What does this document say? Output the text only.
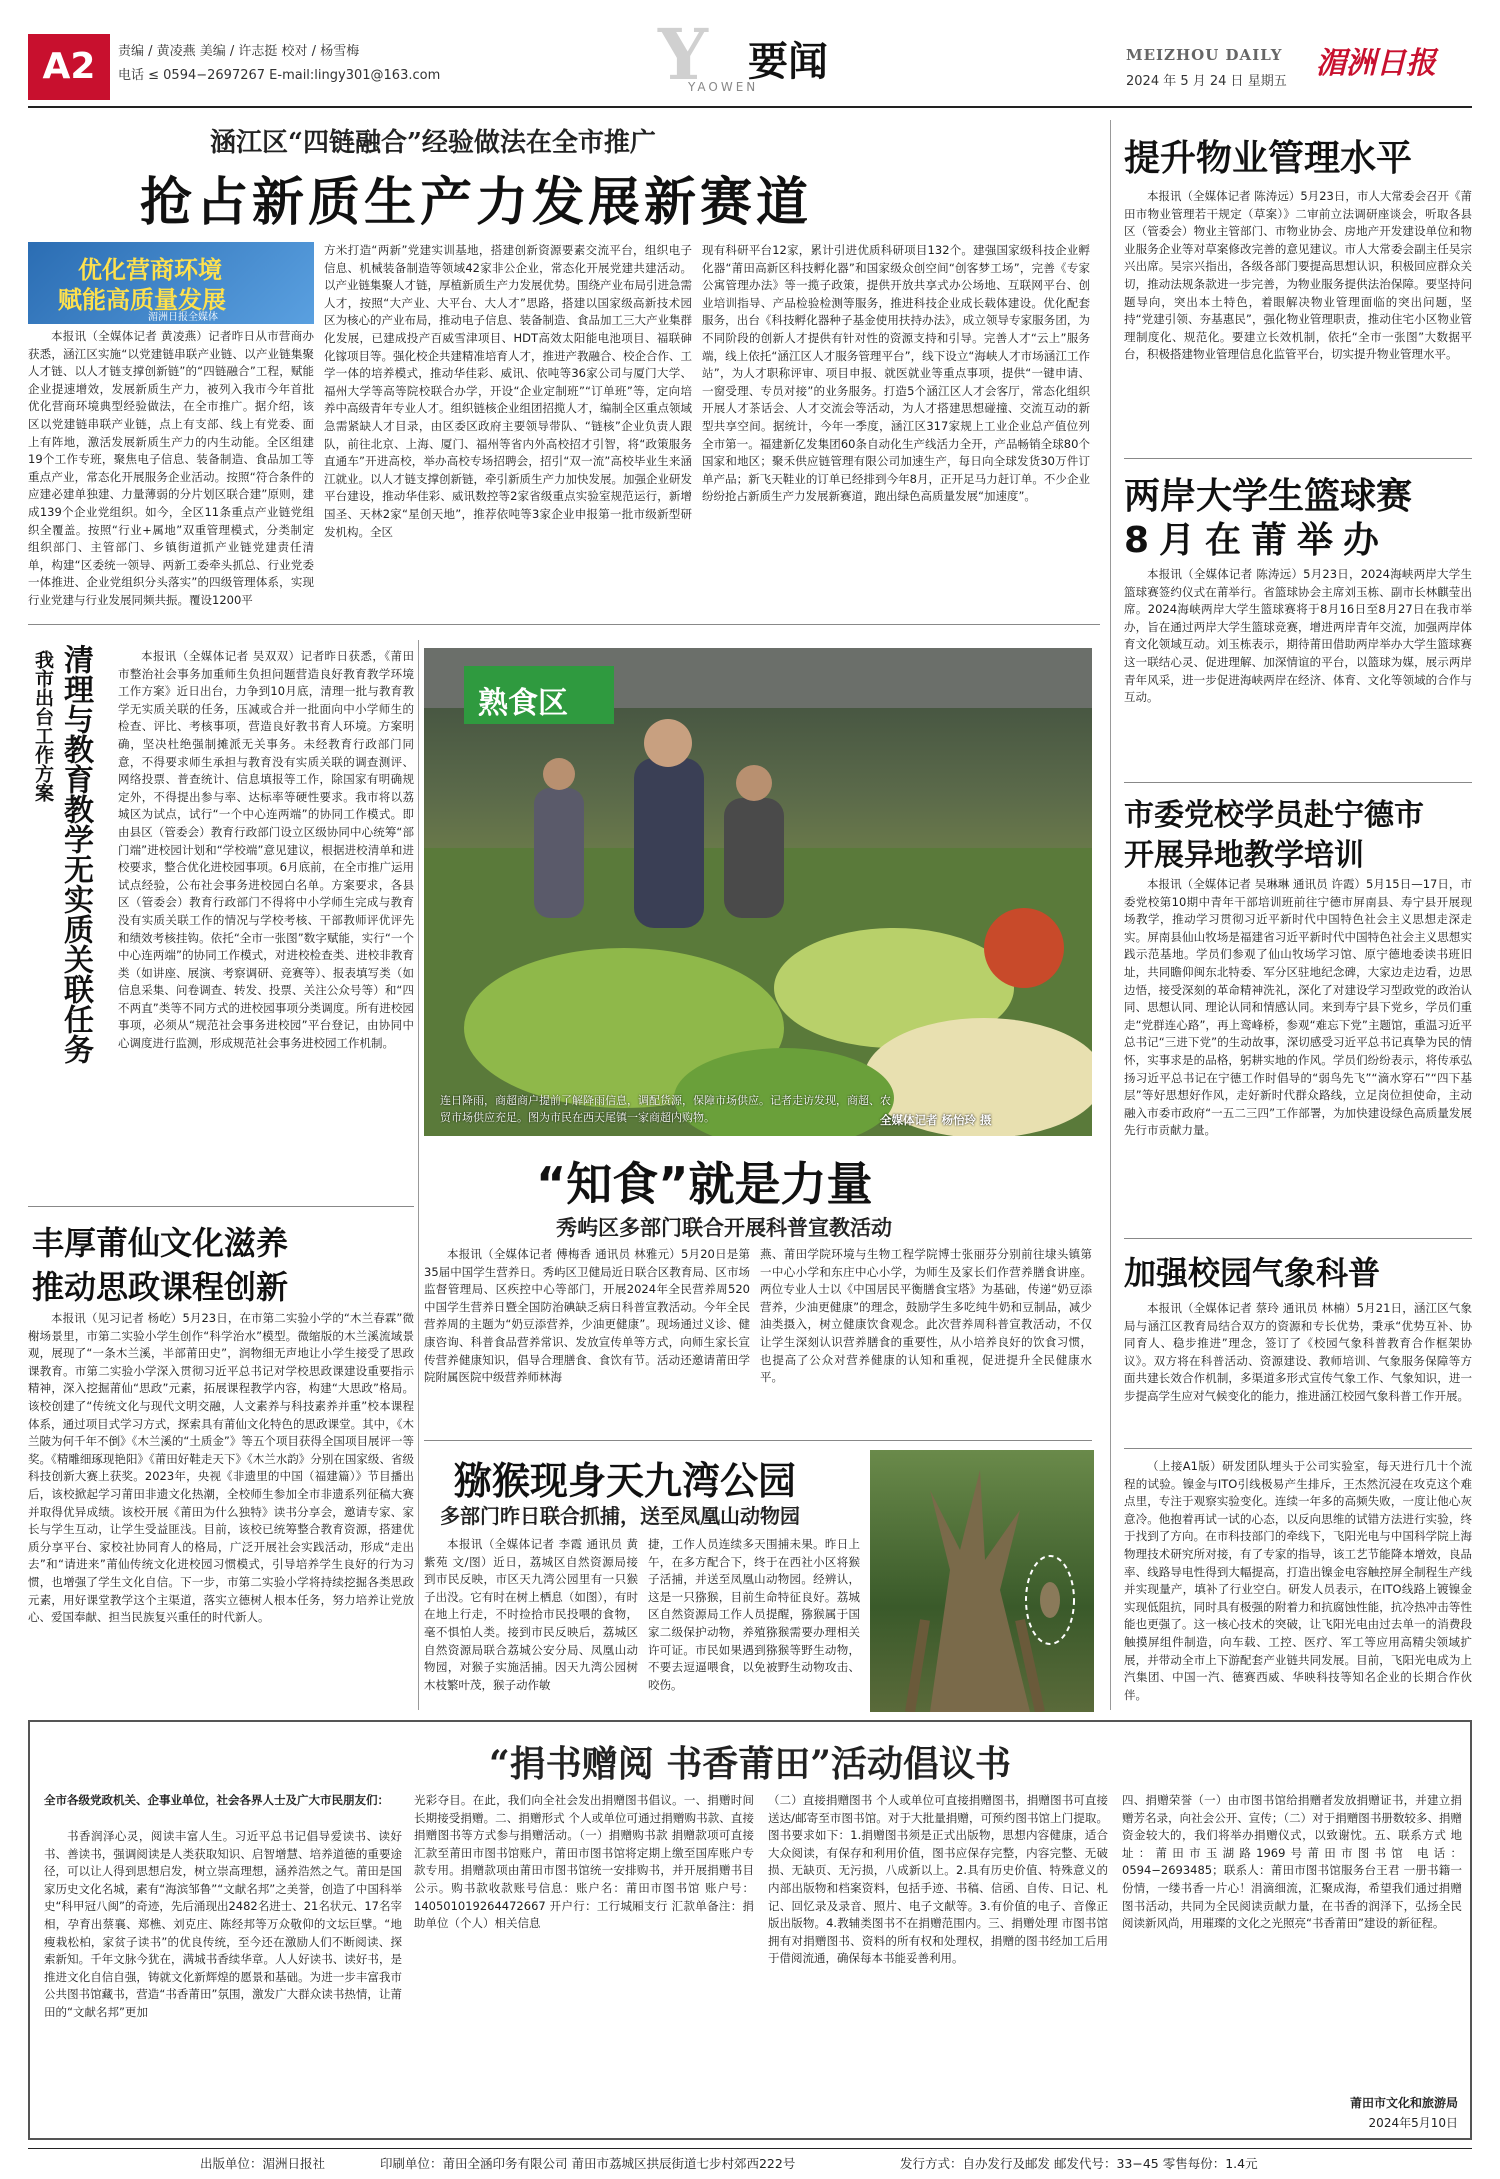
A2	责编 / 黄凌燕 美编 / 许志挺 校对 / 杨雪梅
电话 ≤ 0594−2697267 E-mail:lingy301@163.com	Y 要闻
YAOWEN
MEIZHOU DAILY
2024 年 5 月 24 日 星期五
湄洲日报
涵江区“四链融合”经验做法在全市推广
抢占新质生产力发展新赛道
优化营商环境
赋能高质量发展
湄洲日报全媒体

本报讯（全媒体记者 黄凌燕）记者昨日从市营商办获悉，涵江区实施“以党建链串联产业链、以产业链集聚人才链、以人才链支撑创新链”的“四链融合”工程，赋能企业提速增效，发展新质生产力，被列入我市今年首批优化营商环境典型经验做法，在全市推广。据介绍，该区以党建链串联产业链，点上有支部、线上有党委、面上有阵地，激活发展新质生产力的内生动能。全区组建19个工作专班，聚焦电子信息、装备制造、食品加工等重点产业，常态化开展服务企业活动。按照“符合条件的应建必建单独建、力量薄弱的分片划区联合建”原则，建成139个企业党组织。如今，全区11条重点产业链党组织全覆盖。按照“行业+属地”双重管理模式，分类制定组织部门、主管部门、乡镇街道抓产业链党建责任清单，构建“区委统一领导、两新工委牵头抓总、行业党委一体推进、企业党组织分头落实”的四级管理体系，实现行业党建与行业发展同频共振。覆设1200平

方米打造“两新”党建实训基地，搭建创新资源要素交流平台，组织电子信息、机械装备制造等领域42家非公企业，常态化开展党建共建活动。以产业链集聚人才链，厚植新质生产力发展优势。围绕产业布局引进急需人才，按照“大产业、大平台、大人才”思路，搭建以国家级高新技术园区为核心的产业布局，推动电子信息、装备制造、食品加工三大产业集群化发展，已建成投产百威雪津项目、HDT高效太阳能电池项目、福联砷化镓项目等。强化校企共建精准培育人才，推进产教融合、校企合作、工学一体的培养模式，推动华佳彩、威讯、依吨等36家公司与厦门大学、福州大学等高等院校联合办学，开设“企业定制班”“订单班”等，定向培养中高级青年专业人才。组织链核企业组团招揽人才，编制全区重点领域急需紧缺人才目录，由区委区政府主要领导带队、“链核”企业负责人跟队，前往北京、上海、厦门、福州等省内外高校招才引智，将“政策服务直通车”开进高校，举办高校专场招聘会，招引“双一流”高校毕业生来涵江就业。以人才链支撑创新链，牵引新质生产力加快发展。加强企业研发平台建设，推动华佳彩、威讯数控等2家省级重点实验室规范运行，新增国圣、天林2家“星创天地”，推荐依吨等3家企业申报第一批市级新型研发机构。全区

现有科研平台12家，累计引进优质科研项目132个。建强国家级科技企业孵化器“莆田高新区科技孵化器”和国家级众创空间“创客梦工场”，完善《专家公寓管理办法》等一揽子政策，提供开放共享式办公场地、互联网平台、创业培训指导、产品检验检测等服务，推进科技企业成长载体建设。优化配套服务，出台《科技孵化器种子基金使用扶持办法》，成立领导专家服务团，为不同阶段的创新人才提供有针对性的资源支持和引导。完善人才“云上”服务端，线上依托“涵江区人才服务管理平台”，线下设立“海峡人才市场涵江工作站”，为人才职称评审、项目申报、就医就业等重点事项，提供“一键申请、一窗受理、专员对接”的业务服务。打造5个涵江区人才会客厅，常态化组织开展人才茶话会、人才交流会等活动，为人才搭建思想碰撞、交流互动的新型共享空间。据统计，今年一季度，涵江区317家规上工业企业总产值位列全市第一。福建新亿发集团60条自动化生产线活力全开，产品畅销全球80个国家和地区；聚禾供应链管理有限公司加速生产，每日向全球发货30万件订单产品；新飞天鞋业的订单已经排到今年8月，正开足马力赶订单。不少企业纷纷抢占新质生产力发展新赛道，跑出绿色高质量发展“加速度”。

提升物业管理水平

本报讯（全媒体记者 陈涛远）5月23日，市人大常委会召开《莆田市物业管理若干规定（草案）》二审前立法调研座谈会，听取各县区（管委会）物业主管部门、市物业协会、房地产开发建设单位和物业服务企业等对草案修改完善的意见建议。市人大常委会副主任吴宗兴出席。吴宗兴指出，各级各部门要提高思想认识，积极回应群众关切，推动法规条款进一步完善，为物业服务提供法治保障。要坚持问题导向，突出本土特色，着眼解决物业管理面临的突出问题，坚持“党建引领、夯基惠民”，强化物业管理职责，推动住宅小区物业管理制度化、规范化。要建立长效机制，依托“全市一张图”大数据平台，积极搭建物业管理信息化监管平台，切实提升物业管理水平。

两岸大学生篮球赛
8月在莆举办

本报讯（全媒体记者 陈涛远）5月23日，2024海峡两岸大学生篮球赛签约仪式在莆举行。省篮球协会主席刘玉栋、副市长林麒莹出席。2024海峡两岸大学生篮球赛将于8月16日至8月27日在我市举办，旨在通过两岸大学生篮球竞赛，增进两岸青年交流，加强两岸体育文化领域互动。刘玉栋表示，期待莆田借助两岸举办大学生篮球赛这一联结心灵、促进理解、加深情谊的平台，以篮球为媒，展示两岸青年风采，进一步促进海峡两岸在经济、体育、文化等领域的合作与互动。

市委党校学员赴宁德市
开展异地教学培训

本报讯（全媒体记者 吴琳琳 通讯员 许霞）5月15日—17日，市委党校第10期中青年干部培训班前往宁德市屏南县、寿宁县开展现场教学，推动学习贯彻习近平新时代中国特色社会主义思想走深走实。屏南县仙山牧场是福建省习近平新时代中国特色社会主义思想实践示范基地。学员们参观了仙山牧场学习馆、原宁德地委读书班旧址，共同瞻仰闽东北特委、军分区驻地纪念碑，大家边走边看，边思边悟，接受深刻的革命精神洗礼，深化了对建设学习型政党的政治认同、思想认同、理论认同和情感认同。来到寿宁县下党乡，学员们重走“党群连心路”，再上鸾峰桥，参观“难忘下党”主题馆，重温习近平总书记“三进下党”的生动故事，深切感受习近平总书记真挚为民的情怀，实事求是的品格，躬耕实地的作风。学员们纷纷表示，将传承弘扬习近平总书记在宁德工作时倡导的“弱鸟先飞”“滴水穿石”“四下基层”等好思想好作风，走好新时代群众路线，立足岗位担使命，主动融入市委市政府“一五二三四”工作部署，为加快建设绿色高质量发展先行市贡献力量。

加强校园气象科普

本报讯（全媒体记者 蔡玲 通讯员 林楠）5月21日，涵江区气象局与涵江区教育局结合双方的资源和专长优势，秉承“优势互补、协同育人、稳步推进”理念，签订了《校园气象科普教育合作框架协议》。双方将在科普活动、资源建设、教师培训、气象服务保障等方面共建长效合作机制，多渠道多形式宣传气象工作、气象知识，进一步提高学生应对气候变化的能力，推进涵江校园气象科普工作开展。

我市出台工作方案 清理与教育教学无实质关联任务	本报讯（全媒体记者 吴双双）记者昨日获悉，《莆田市整治社会事务加重师生负担问题营造良好教育教学环境工作方案》近日出台，力争到10月底，清理一批与教育教学无实质关联的任务，压减或合并一批面向中小学师生的检查、评比、考核事项，营造良好教书育人环境。方案明确，坚决杜绝强制摊派无关事务。未经教育行政部门同意，不得要求师生承担与教育没有实质关联的调查测评、网络投票、普查统计、信息填报等工作，除国家有明确规定外，不得提出参与率、达标率等硬性要求。我市将以荔城区为试点，试行“一个中心连两端”的协同工作模式。即由县区（管委会）教育行政部门设立区级协同中心统筹“部门端”进校园计划和“学校端”意见建议，根据进校清单和进校要求，整合优化进校园事项。6月底前，在全市推广运用试点经验，公布社会事务进校园白名单。方案要求，各县区（管委会）教育行政部门不得将中小学师生完成与教育没有实质关联工作的情况与学校考核、干部教师评优评先和绩效考核挂钩。依托“全市一张图”数字赋能，实行“一个中心连两端”的协同工作模式，对进校检查类、进校非教育类（如讲座、展演、考察调研、竞赛等）、报表填写类（如信息采集、问卷调查、转发、投票、关注公众号等）和“四不两直”类等不同方式的进校园事项分类调度。所有进校园事项，必须从“规范社会事务进校园”平台登记，由协同中心调度进行监测，形成规范社会事务进校园工作机制。

熟食区
连日降雨，商超商户提前了解降雨信息，调配货源，保障市场供应。记者走访发现，商超、农贸市场供应充足。图为市民在西天尾镇一家商超内购物。	全媒体记者 杨怡玲 摄
“知食”就是力量
秀屿区多部门联合开展科普宣教活动

本报讯（全媒体记者 傅梅香 通讯员 林雅元）5月20日是第35届中国学生营养日。秀屿区卫健局近日联合区教育局、区市场监督管理局、区疾控中心等部门，开展2024年全民营养周520中国学生营养日暨全国防治碘缺乏病日科普宣教活动。今年全民营养周的主题为“奶豆添营养，少油更健康”。现场通过义诊、健康咨询、科普食品营养常识、发放宣传单等方式，向师生家长宣传营养健康知识，倡导合理膳食、食饮有节。活动还邀请莆田学院附属医院中级营养师林海

燕、莆田学院环境与生物工程学院博士张丽芬分别前往埭头镇第一中心小学和东庄中心小学，为师生及家长们作营养膳食讲座。两位专业人士以《中国居民平衡膳食宝塔》为基础，传递“奶豆添营养，少油更健康”的理念，鼓励学生多吃纯牛奶和豆制品，减少油类摄入，树立健康饮食观念。此次营养周科普宣教活动，不仅让学生深刻认识营养膳食的重要性，从小培养良好的饮食习惯，也提高了公众对营养健康的认知和重视，促进提升全民健康水平。

丰厚莆仙文化滋养
推动思政课程创新

本报讯（见习记者 杨屹）5月23日，在市第二实验小学的“木兰春霖”微榭场景里，市第二实验小学生创作“科学治水”模型。微缩版的木兰溪流域景观，展现了“一条木兰溪，半部莆田史”，润物细无声地让小学生接受了思政课教育。市第二实验小学深入贯彻习近平总书记对学校思政课建设重要指示精神，深入挖掘莆仙“思政”元素，拓展课程教学内容，构建“大思政”格局。该校创建了“传统文化与现代文明交融，人文素养与科技素养并重”校本课程体系，通过项目式学习方式，探索具有莆仙文化特色的思政课堂。其中，《木兰陂为何千年不倒》《木兰溪的“土质金”》等五个项目获得全国项目展评一等奖。《精雕细琢现艳阳》《莆田好鞋走天下》《木兰水韵》分别在国家级、省级科技创新大赛上获奖。2023年，央视《非遗里的中国（福建篇）》节目播出后，该校掀起学习莆田非遗文化热潮，全校师生参加全市非遗系列征稿大赛并取得优异成绩。该校开展《莆田为什么独特》读书分享会，邀请专家、家长与学生互动，让学生受益匪浅。目前，该校已统筹整合教育资源，搭建优质分享平台、家校社协同育人的格局，广泛开展社会实践活动，形成“走出去”和“请进来”莆仙传统文化进校园习惯模式，引导培养学生良好的行为习惯，也增强了学生文化自信。下一步，市第二实验小学将持续挖掘各类思政元素，用好课堂教学这个主渠道，落实立德树人根本任务，努力培养让党放心、爱国奉献、担当民族复兴重任的时代新人。

猕猴现身天九湾公园
多部门昨日联合抓捕，送至凤凰山动物园

本报讯（全媒体记者 李霞 通讯员 黄紫苑 文/图）近日，荔城区自然资源局接到市民反映，市区天九湾公园里有一只猴子出没。它有时在树上栖息（如图），有时在地上行走，不时捡拾市民投喂的食物，毫不惧怕人类。接到市民反映后，荔城区自然资源局联合荔城公安分局、凤凰山动物园，对猴子实施活捕。因天九湾公园树木枝繁叶茂，猴子动作敏

捷，工作人员连续多天围捕未果。昨日上午，在多方配合下，终于在西社小区将猴子活捕，并送至凤凰山动物园。经辨认，这是一只猕猴，目前生命特征良好。荔城区自然资源局工作人员提醒，猕猴属于国家二级保护动物，养殖猕猴需要办理相关许可证。市民如果遇到猕猴等野生动物，不要去逗逼喂食，以免被野生动物攻击、咬伤。

（上接A1版）研发团队埋头于公司实验室，每天进行几十个流程的试验。镍金与ITO引线极易产生排斥，王杰然沉浸在攻克这个难点里，专注于观察实验变化。连续一年多的高频失败，一度让他心灰意冷。他抱着再试一试的心态，以反向思维的试错方法进行实验，终于找到了方向。在市科技部门的牵线下，飞阳光电与中国科学院上海物理技术研究所对接，有了专家的指导，该工艺节能降本增效，良品率、线路导电性得到大幅提高，打造出镍金电容触控屏全制程生产线并实现量产，填补了行业空白。研发人员表示，在ITO线路上镀镍金实现低阻抗，同时具有极强的附着力和抗腐蚀性能，抗冷热冲击等性能也更强了。这一核心技术的突破，让飞阳光电由过去单一的消费段触摸屏组件制造，向车载、工控、医疗、军工等应用高精尖领域扩展，并带动全市上下游配套产业链共同发展。目前，飞阳光电成为上汽集团、中国一汽、德赛西威、华映科技等知名企业的长期合作伙伴。

“捐书赠阅 书香莆田”活动倡议书
全市各级党政机关、企事业单位，社会各界人士及广大市民朋友们：

书香润泽心灵，阅读丰富人生。习近平总书记倡导爱读书、读好书、善读书，强调阅读是人类获取知识、启智增慧、培养道德的重要途径，可以让人得到思想启发，树立崇高理想，涵养浩然之气。莆田是国家历史文化名城，素有“海滨邹鲁”“文献名邦”之美誉，创造了中国科举史“科甲冠八闽”的奇迹，先后涌现出2482名进士、21名状元、17名宰相，孕育出蔡襄、郑樵、刘克庄、陈经邦等万众敬仰的文坛巨擘。“地瘦栽松柏，家贫子读书”的优良传统，至今还在激励人们不断阅读、探索新知。千年文脉今犹在，满城书香续华章。人人好读书、读好书，是推进文化自信自强，铸就文化新辉煌的愿景和基础。为进一步丰富我市公共图书馆藏书，营造“书香莆田”氛围，激发广大群众读书热情，让莆田的“文献名邦”更加

光彩夺目。在此，我们向全社会发出捐赠图书倡议。一、捐赠时间 长期接受捐赠。二、捐赠形式 个人或单位可通过捐赠购书款、直接捐赠图书等方式参与捐赠活动。（一）捐赠购书款 捐赠款项可直接汇款至莆田市图书馆账户，莆田市图书馆将定期上缴至国库账户专款专用。捐赠款项由莆田市图书馆统一安排购书，并开展捐赠书目公示。购书款收款账号信息：账户名：莆田市图书馆 账户号：140501019264472667 开户行：工行城厢支行 汇款单备注：捐助单位（个人）相关信息

（二）直接捐赠图书 个人或单位可直接捐赠图书，捐赠图书可直接送达/邮寄至市图书馆。对于大批量捐赠，可预约图书馆上门提取。图书要求如下：1.捐赠图书须是正式出版物，思想内容健康，适合大众阅读，有保存和利用价值，图书应保存完整，内容完整、无破损、无缺页、无污损，八成新以上。2.具有历史价值、特殊意义的内部出版物和档案资料，包括手迹、书稿、信函、自传、日记、札记、回忆录及录音、照片、电子文献等。3.有价值的电子、音像正版出版物。4.教辅类图书不在捐赠范围内。三、捐赠处理 市图书馆拥有对捐赠图书、资料的所有权和处理权，捐赠的图书经加工后用于借阅流通，确保每本书能妥善利用。

四、捐赠荣誉（一）由市图书馆给捐赠者发放捐赠证书，并建立捐赠芳名录，向社会公开、宣传；（二）对于捐赠图书册数较多、捐赠资金较大的，我们将举办捐赠仪式，以致谢忱。五、联系方式 地址：莆田市玉湖路1969号莆田市图书馆 电话：0594−2693485；联系人：莆田市图书馆服务台王君 一册书籍一份情，一缕书香一片心！涓滴细流，汇聚成海，希望我们通过捐赠图书活动，共同为全民阅读贡献力量，在书香的润泽下，弘扬全民阅读新风尚，用璀璨的文化之光照亮“书香莆田”建设的新征程。

莆田市文化和旅游局
2024年5月10日
出版单位：湄洲日报社	印刷单位：莆田全涵印务有限公司 莆田市荔城区拱辰街道七步村郊西222号	发行方式：自办发行及邮发 邮发代号：33−45 零售每份：1.4元
